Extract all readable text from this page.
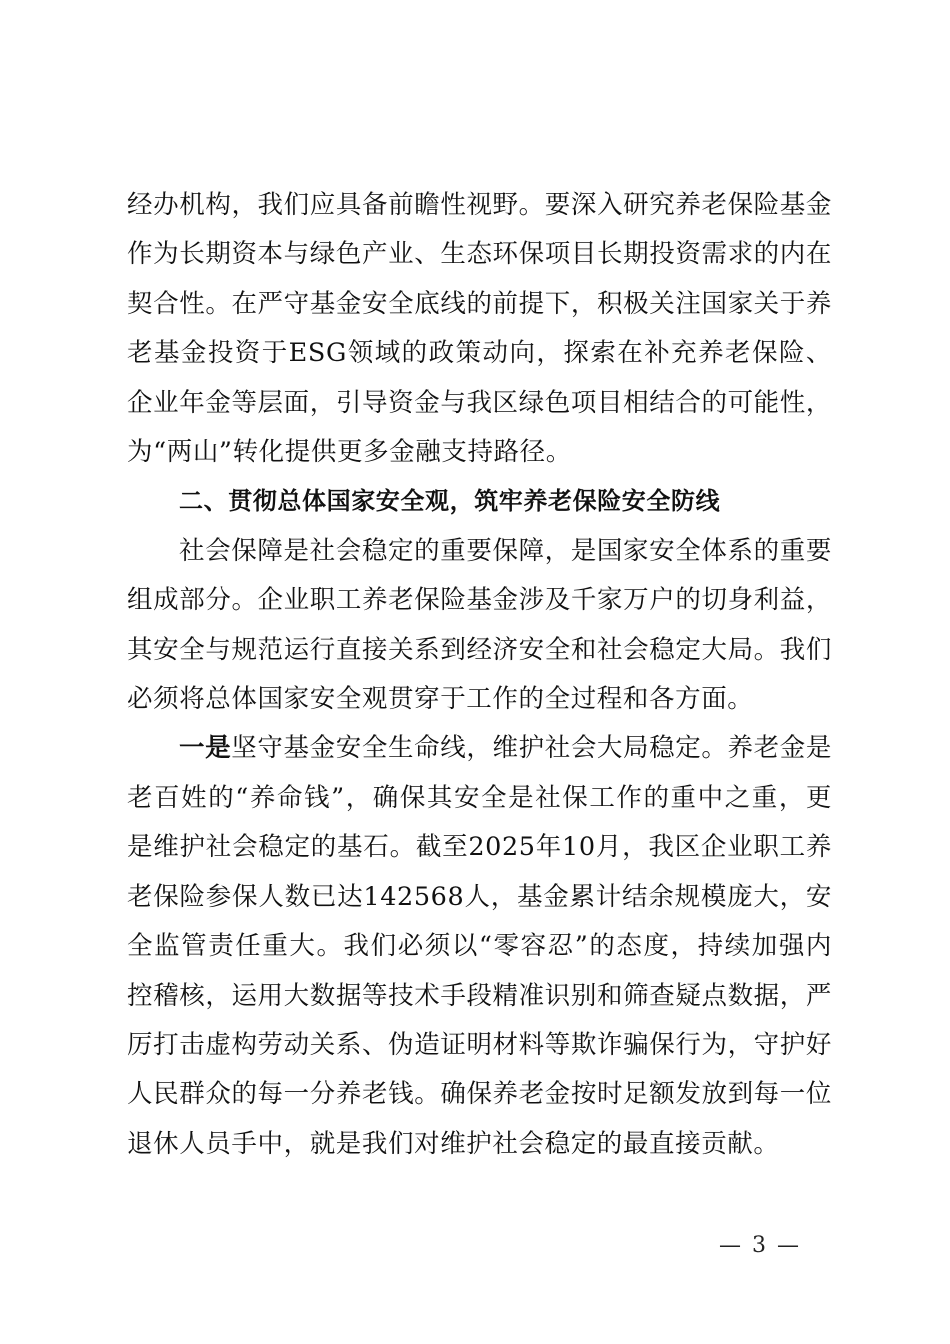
经办机构，我们应具备前瞻性视野。要深入研究养老保险基金作为长期资本与绿色产业、生态环保项目长期投资需求的内在契合性。在严守基金安全底线的前提下，积极关注国家关于养老基金投资于ESG领域的政策动向，探索在补充养老保险、企业年金等层面，引导资金与我区绿色项目相结合的可能性，为“两山”转化提供更多金融支持路径。

二、贯彻总体国家安全观，筑牢养老保险安全防线

社会保障是社会稳定的重要保障，是国家安全体系的重要组成部分。企业职工养老保险基金涉及千家万户的切身利益，其安全与规范运行直接关系到经济安全和社会稳定大局。我们必须将总体国家安全观贯穿于工作的全过程和各方面。

一是坚守基金安全生命线，维护社会大局稳定。养老金是老百姓的“养命钱”，确保其安全是社保工作的重中之重，更是维护社会稳定的基石。截至2025年10月，我区企业职工养老保险参保人数已达142568人，基金累计结余规模庞大，安全监管责任重大。我们必须以“零容忍”的态度，持续加强内控稽核，运用大数据等技术手段精准识别和筛查疑点数据，严厉打击虚构劳动关系、伪造证明材料等欺诈骗保行为，守护好人民群众的每一分养老钱。确保养老金按时足额发放到每一位退休人员手中，就是我们对维护社会稳定的最直接贡献。

— 3 —
